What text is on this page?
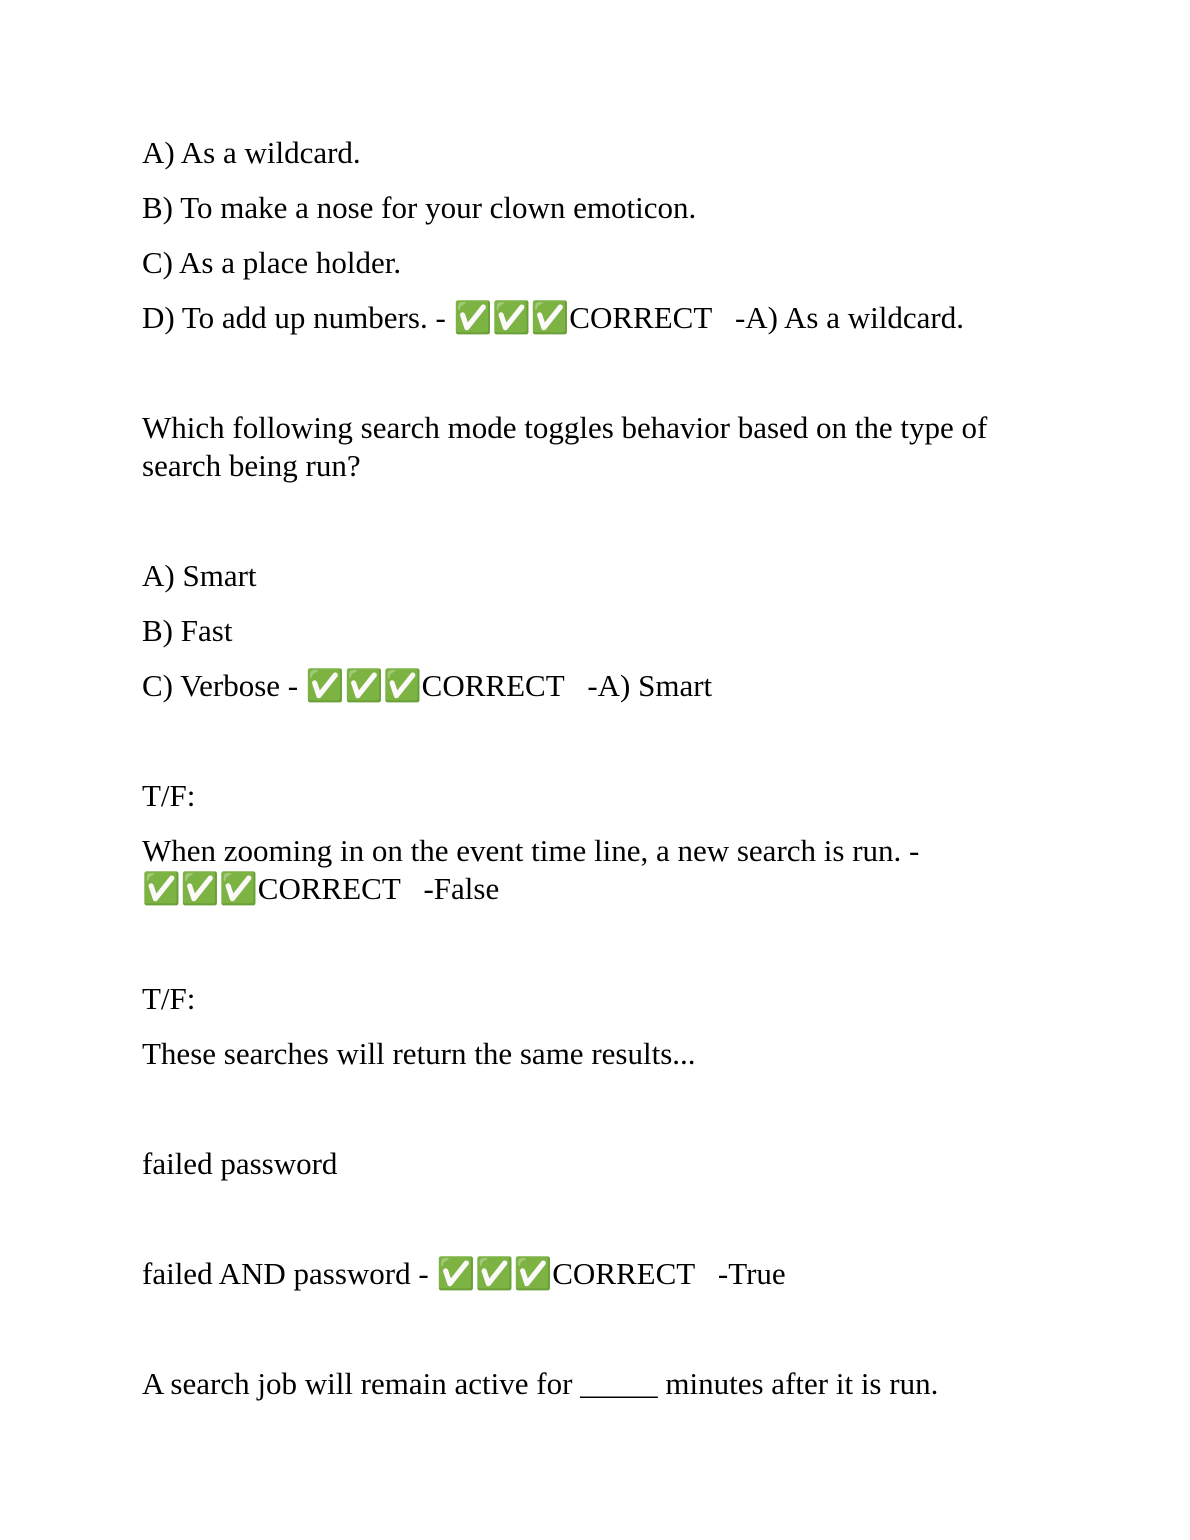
A) As a wildcard.

B) To make a nose for your clown emoticon.

C) As a place holder.

D) To add up numbers. - ✅✅✅CORRECT   -A) As a wildcard.

Which following search mode toggles behavior based on the type of search being run?

A) Smart

B) Fast

C) Verbose - ✅✅✅CORRECT   -A) Smart

T/F:

When zooming in on the event time line, a new search is run. - ✅✅✅CORRECT   -False

T/F:

These searches will return the same results...

failed password

failed AND password - ✅✅✅CORRECT   -True

A search job will remain active for _____ minutes after it is run.
